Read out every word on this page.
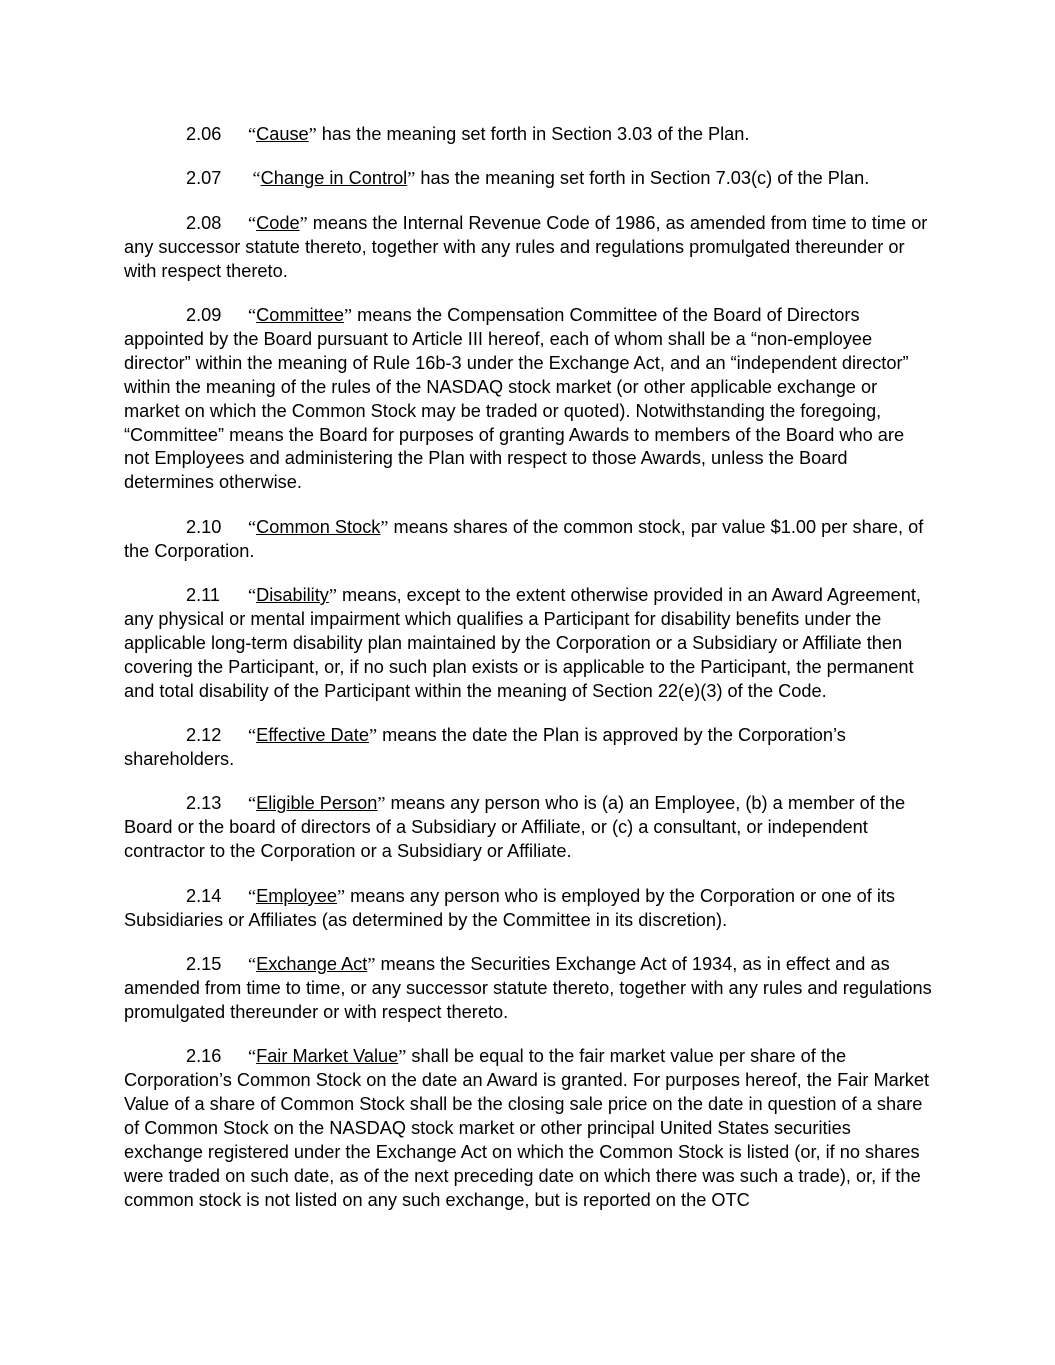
2.06 “Cause” has the meaning set forth in Section 3.03 of the Plan.

2.07 “Change in Control” has the meaning set forth in Section 7.03(c) of the Plan.

2.08 “Code” means the Internal Revenue Code of 1986, as amended from time to time or any successor statute thereto, together with any rules and regulations promulgated thereunder or with respect thereto.

2.09 “Committee” means the Compensation Committee of the Board of Directors appointed by the Board pursuant to Article III hereof, each of whom shall be a “non-employee director” within the meaning of Rule 16b-3 under the Exchange Act, and an “independent director” within the meaning of the rules of the NASDAQ stock market (or other applicable exchange or market on which the Common Stock may be traded or quoted). Notwithstanding the foregoing, “Committee” means the Board for purposes of granting Awards to members of the Board who are not Employees and administering the Plan with respect to those Awards, unless the Board determines otherwise.

2.10 “Common Stock” means shares of the common stock, par value $1.00 per share, of the Corporation.

2.11 “Disability” means, except to the extent otherwise provided in an Award Agreement, any physical or mental impairment which qualifies a Participant for disability benefits under the applicable long-term disability plan maintained by the Corporation or a Subsidiary or Affiliate then covering the Participant, or, if no such plan exists or is applicable to the Participant, the permanent and total disability of the Participant within the meaning of Section 22(e)(3) of the Code.

2.12 “Effective Date” means the date the Plan is approved by the Corporation’s shareholders.

2.13 “Eligible Person” means any person who is (a) an Employee, (b) a member of the Board or the board of directors of a Subsidiary or Affiliate, or (c) a consultant, or independent contractor to the Corporation or a Subsidiary or Affiliate.

2.14 “Employee” means any person who is employed by the Corporation or one of its Subsidiaries or Affiliates (as determined by the Committee in its discretion).

2.15 “Exchange Act” means the Securities Exchange Act of 1934, as in effect and as amended from time to time, or any successor statute thereto, together with any rules and regulations promulgated thereunder or with respect thereto.

2.16 “Fair Market Value” shall be equal to the fair market value per share of the Corporation’s Common Stock on the date an Award is granted. For purposes hereof, the Fair Market Value of a share of Common Stock shall be the closing sale price on the date in question of a share of Common Stock on the NASDAQ stock market or other principal United States securities exchange registered under the Exchange Act on which the Common Stock is listed (or, if no shares were traded on such date, as of the next preceding date on which there was such a trade), or, if the common stock is not listed on any such exchange, but is reported on the OTC
